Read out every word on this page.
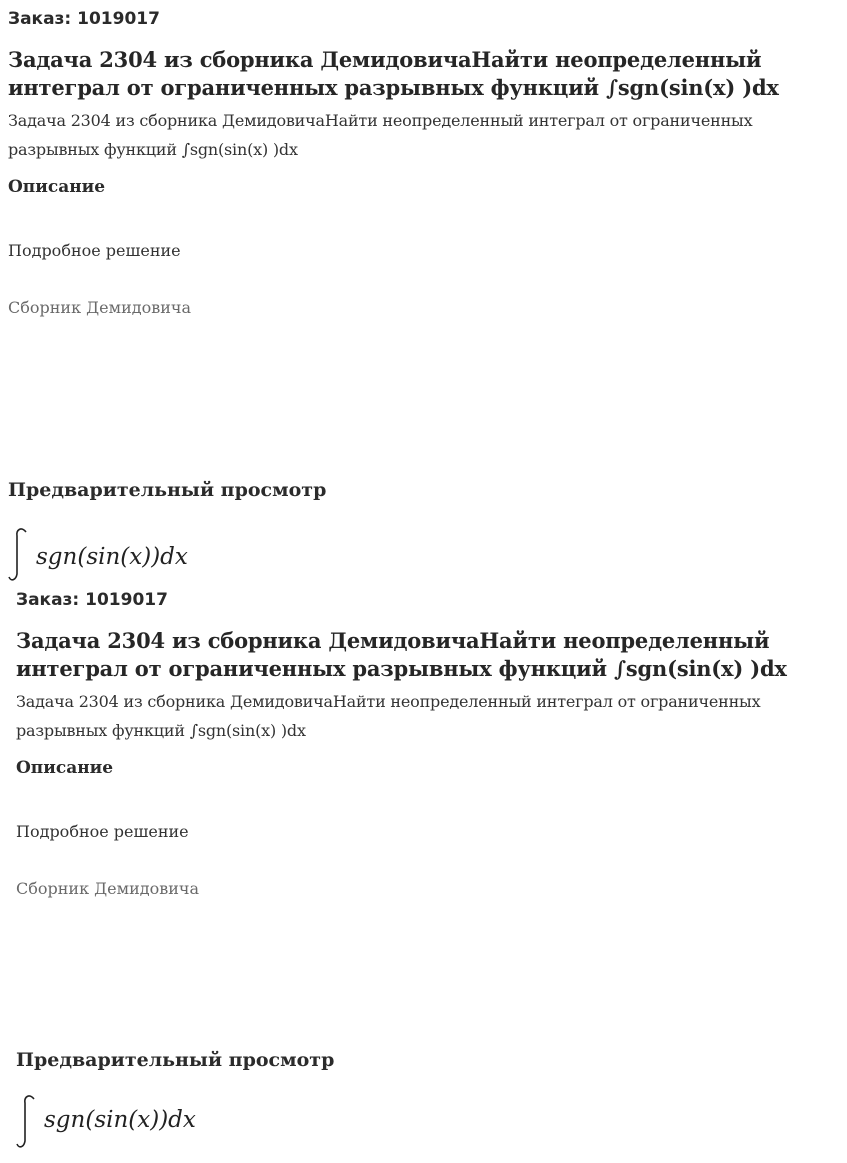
Заказ: 1019017
Задача 2304 из сборника ДемидовичаНайти неопределенный интеграл от ограниченных разрывных функций ∫sgn(sin(x) )dx
Задача 2304 из сборника ДемидовичаНайти неопределенный интеграл от ограниченных разрывных функций ∫sgn(sin(x) )dx
Описание
Подробное решение
Сборник Демидовича
Предварительный просмотр
sgn(sin(x))dx
Заказ: 1019017
Задача 2304 из сборника ДемидовичаНайти неопределенный интеграл от ограниченных разрывных функций ∫sgn(sin(x) )dx
Задача 2304 из сборника ДемидовичаНайти неопределенный интеграл от ограниченных разрывных функций ∫sgn(sin(x) )dx
Описание
Подробное решение
Сборник Демидовича
Предварительный просмотр
sgn(sin(x))dx
